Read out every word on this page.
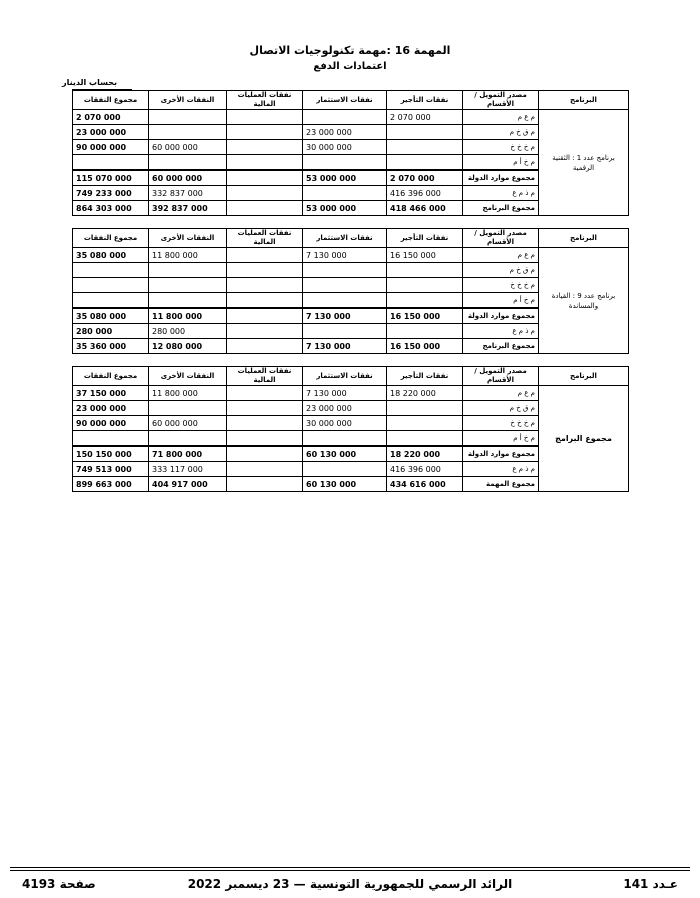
المهمة 16 :مهمة تكنولوجيات الاتصال
اعتمادات الدفع
بحساب الدينار
البرنامج	مصدر التمويل / الأقسام	نفقات التأجير	نفقات الاستثمار	نفقات العمليات المالية	النفقات الأخرى	مجموع النفقات
برنامج عدد 1 : الثقنية الرقمية	م ع م	2 070 000				2 070 000
	م ق خ م		23 000 000			23 000 000
	م خ خ خ		30 000 000		60 000 000	90 000 000
	م خ أ م					
	مجموع موارد الدولة	2 070 000	53 000 000		60 000 000	115 070 000
	م ذ م ع	416 396 000			332 837 000	749 233 000
	مجموع البرنامج	418 466 000	53 000 000		392 837 000	864 303 000
البرنامج	مصدر التمويل / الأقسام	نفقات التأجير	نفقات الاستثمار	نفقات العمليات المالية	النفقات الأخرى	مجموع النفقات
برنامج عدد 9 : القيادة والمساندة	م ع م	16 150 000	7 130 000		11 800 000	35 080 000
	م ق خ م					
	م خ خ خ					
	م خ أ م					
	مجموع موارد الدولة	16 150 000	7 130 000		11 800 000	35 080 000
	م ذ م ع				280 000	280 000
	مجموع البرنامج	16 150 000	7 130 000		12 080 000	35 360 000
البرنامج	مصدر التمويل / الأقسام	نفقات التأجير	نفقات الاستثمار	نفقات العمليات المالية	النفقات الأخرى	مجموع النفقات
مجموع البرامج	م ع م	18 220 000	7 130 000		11 800 000	37 150 000
	م ق خ م		23 000 000			23 000 000
	م خ خ خ		30 000 000		60 000 000	90 000 000
	م خ أ م					
	مجموع موارد الدولة	18 220 000	60 130 000		71 800 000	150 150 000
	م ذ م ع	416 396 000			333 117 000	749 513 000
	مجموع المهمة	434 616 000	60 130 000		404 917 000	899 663 000
الرائد الرسمي للجمهورية التونسية — 23 ديسمبر 2022
صفحة 4193	عـدد 141
